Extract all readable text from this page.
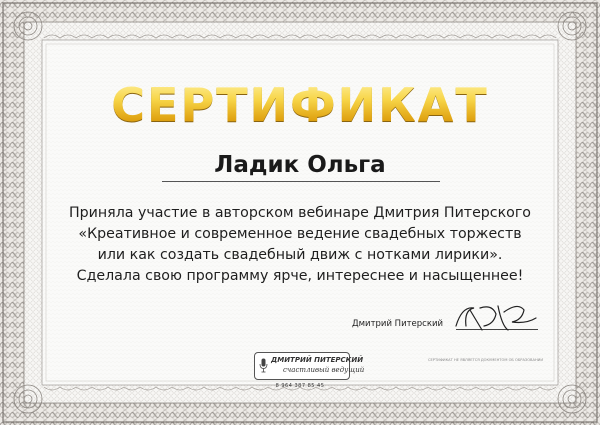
СЕРТИФИКАТ
Ладик Ольга
Приняла участие в авторском вебинаре Дмитрия Питерского
«Креативное и современное ведение свадебных торжеств
или как создать свадебный движ с нотками лирики».
Сделала свою программу ярче, интереснее и насыщеннее!
Дмитрий Питерский
ДМИТРИЙ ПИТЕРСКИЙ
счастливый ведущий
8 964 387 85 45
СЕРТИФИКАТ НЕ ЯВЛЯЕТСЯ ДОКУМЕНТОМ ОБ ОБРАЗОВАНИИ
